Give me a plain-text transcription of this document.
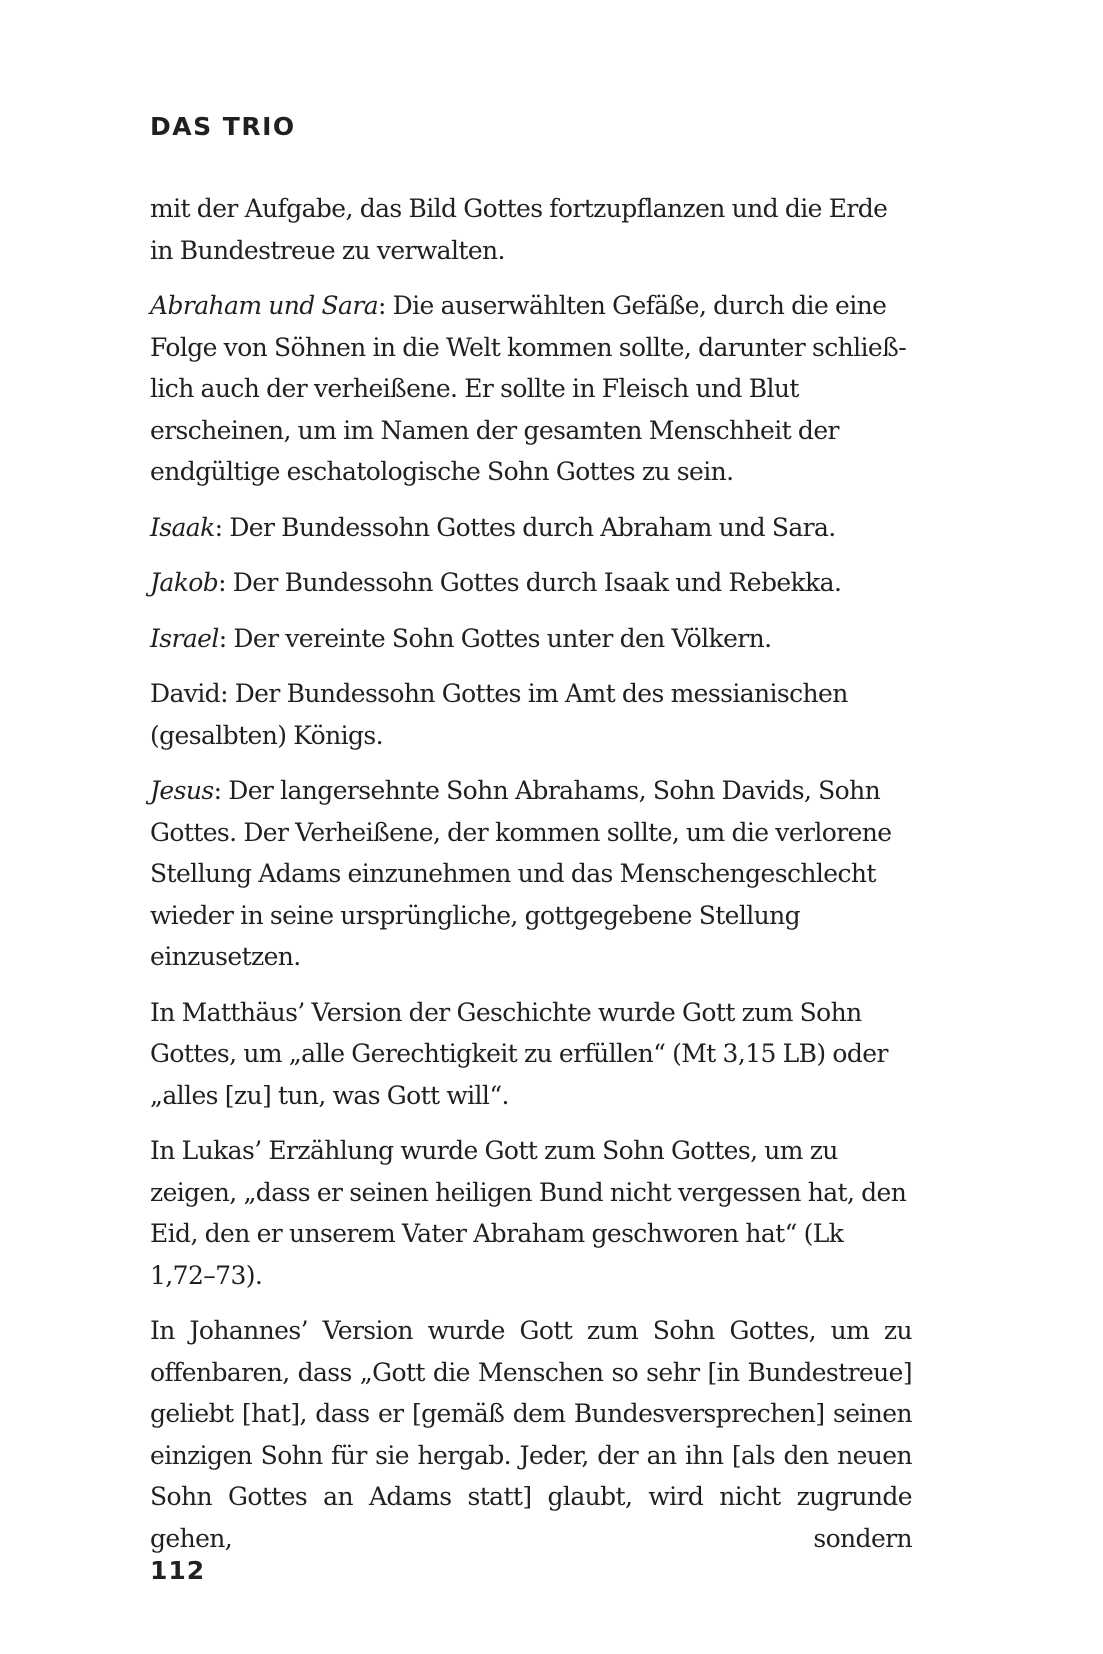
DAS TRIO

mit der Aufgabe, das Bild Gottes fortzupflanzen und die Erde in Bundestreue zu verwalten.

Abraham und Sara: Die auserwählten Gefäße, durch die eine Folge von Söhnen in die Welt kommen sollte, darunter schließlich auch der verheißene. Er sollte in Fleisch und Blut erscheinen, um im Namen der gesamten Menschheit der endgültige eschatologische Sohn Gottes zu sein.

Isaak: Der Bundessohn Gottes durch Abraham und Sara.

Jakob: Der Bundessohn Gottes durch Isaak und Rebekka.

Israel: Der vereinte Sohn Gottes unter den Völkern.

David: Der Bundessohn Gottes im Amt des messianischen (gesalbten) Königs.

Jesus: Der langersehnte Sohn Abrahams, Sohn Davids, Sohn Gottes. Der Verheißene, der kommen sollte, um die verlorene Stellung Adams einzunehmen und das Menschengeschlecht wieder in seine ursprüngliche, gottgegebene Stellung einzusetzen.

In Matthäus’ Version der Geschichte wurde Gott zum Sohn Gottes, um „alle Gerechtigkeit zu erfüllen“ (Mt 3,15 LB) oder „alles [zu] tun, was Gott will“.

In Lukas’ Erzählung wurde Gott zum Sohn Gottes, um zu zeigen, „dass er seinen heiligen Bund nicht vergessen hat, den Eid, den er unserem Vater Abraham geschworen hat“ (Lk 1,72–73).

In Johannes’ Version wurde Gott zum Sohn Gottes, um zu offenbaren, dass „Gott die Menschen so sehr [in Bundestreue] geliebt [hat], dass er [gemäß dem Bundesversprechen] seinen einzigen Sohn für sie hergab. Jeder, der an ihn [als den neuen Sohn Gottes an Adams statt] glaubt, wird nicht zugrunde gehen, sondern

112
